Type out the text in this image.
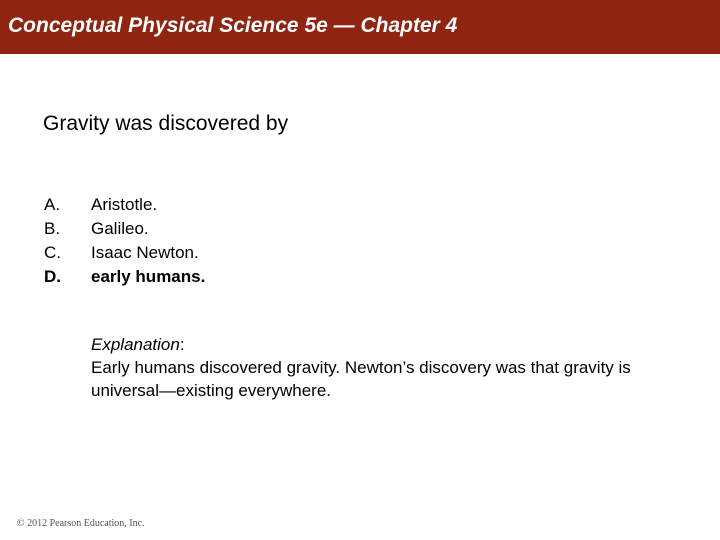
Conceptual Physical Science 5e — Chapter 4
Gravity was discovered by
A. Aristotle.
B. Galileo.
C. Isaac Newton.
D. early humans.
Explanation:
Early humans discovered gravity. Newton’s discovery was that gravity is universal—existing everywhere.
© 2012 Pearson Education, Inc.
